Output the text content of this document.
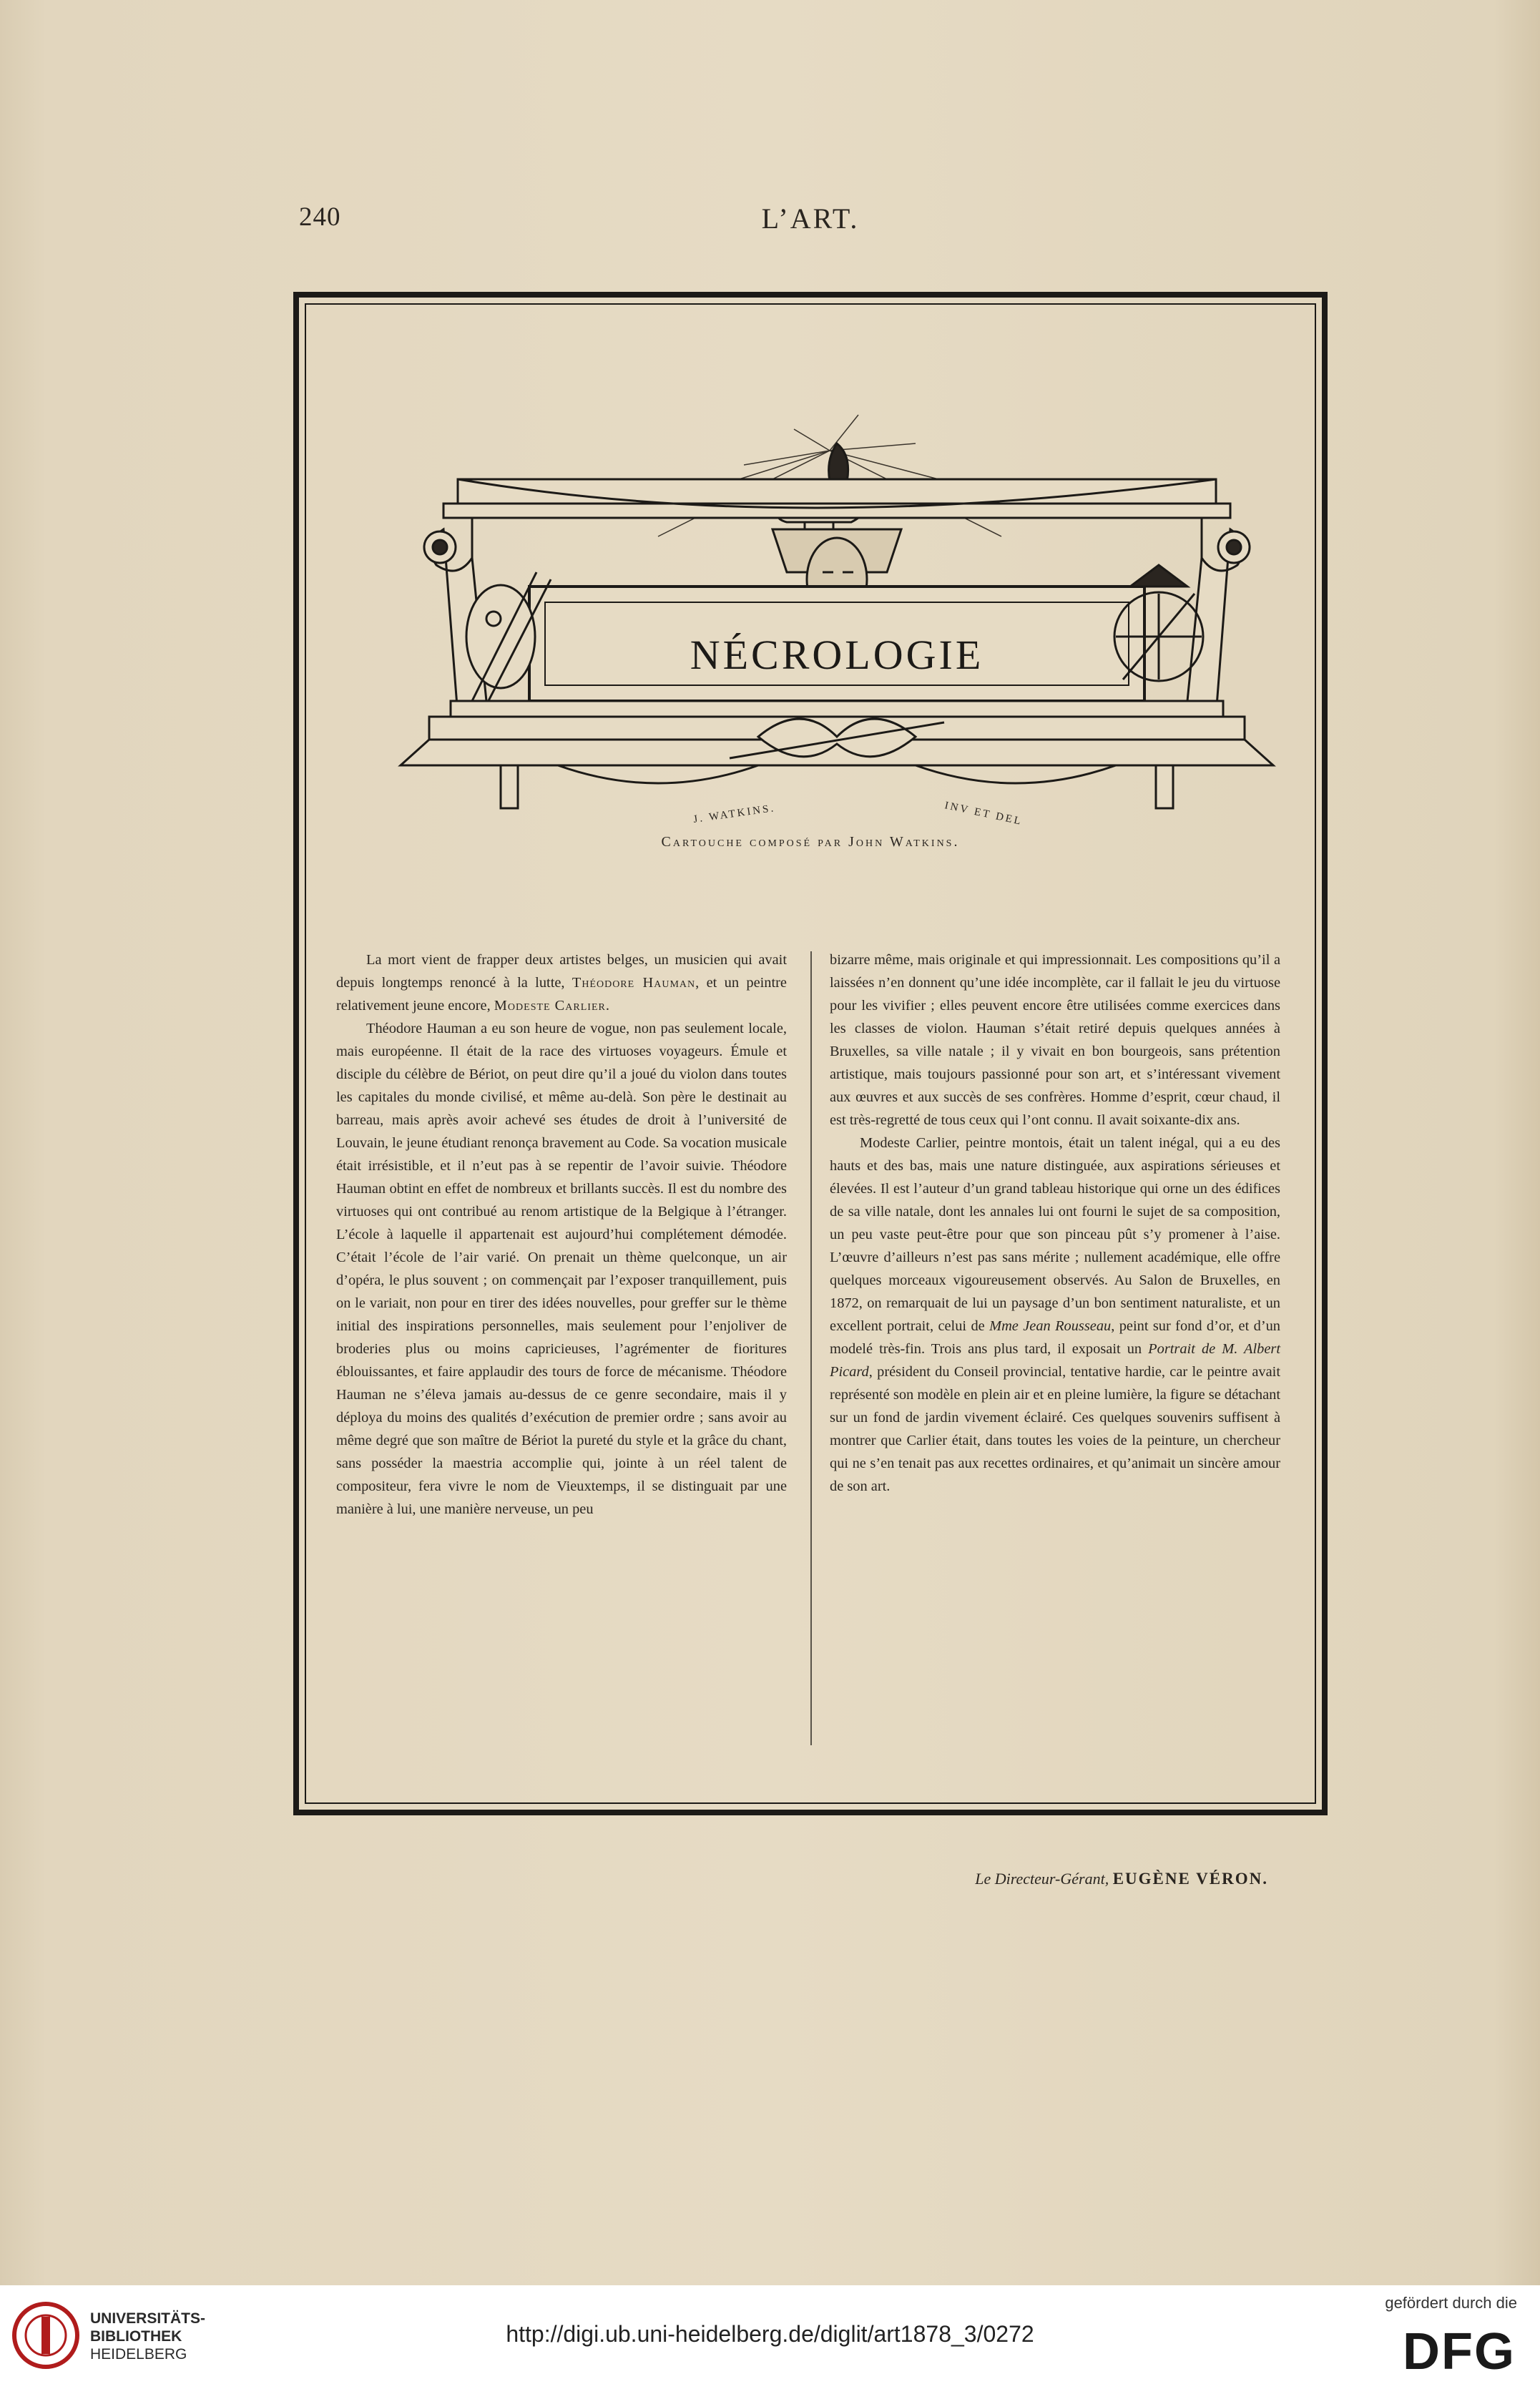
240	L’ART.
NÉCROLOGIE
J. WATKINS.	INV ET DEL
Cartouche composé par John Watkins.

La mort vient de frapper deux artistes belges, un musicien qui avait depuis longtemps renoncé à la lutte, Théodore Hauman, et un peintre relativement jeune encore, Modeste Carlier.

Théodore Hauman a eu son heure de vogue, non pas seulement locale, mais européenne. Il était de la race des virtuoses voyageurs. Émule et disciple du célèbre de Bériot, on peut dire qu’il a joué du violon dans toutes les capitales du monde civilisé, et même au-delà. Son père le destinait au barreau, mais après avoir achevé ses études de droit à l’université de Louvain, le jeune étudiant renonça bravement au Code. Sa vocation musicale était irrésistible, et il n’eut pas à se repentir de l’avoir suivie. Théodore Hauman obtint en effet de nombreux et brillants succès. Il est du nombre des virtuoses qui ont contribué au renom artistique de la Belgique à l’étranger. L’école à laquelle il appartenait est aujourd’hui complétement démodée. C’était l’école de l’air varié. On prenait un thème quelconque, un air d’opéra, le plus souvent ; on commençait par l’exposer tranquillement, puis on le variait, non pour en tirer des idées nouvelles, pour greffer sur le thème initial des inspirations personnelles, mais seulement pour l’enjoliver de broderies plus ou moins capricieuses, l’agrémenter de fioritures éblouissantes, et faire applaudir des tours de force de mécanisme. Théodore Hauman ne s’éleva jamais au-dessus de ce genre secondaire, mais il y déploya du moins des qualités d’exécution de premier ordre ; sans avoir au même degré que son maître de Bériot la pureté du style et la grâce du chant, sans posséder la maestria accomplie qui, jointe à un réel talent de compositeur, fera vivre le nom de Vieuxtemps, il se distinguait par une manière à lui, une manière nerveuse, un peu

bizarre même, mais originale et qui impressionnait. Les compositions qu’il a laissées n’en donnent qu’une idée incomplète, car il fallait le jeu du virtuose pour les vivifier ; elles peuvent encore être utilisées comme exercices dans les classes de violon. Hauman s’était retiré depuis quelques années à Bruxelles, sa ville natale ; il y vivait en bon bourgeois, sans prétention artistique, mais toujours passionné pour son art, et s’intéressant vivement aux œuvres et aux succès de ses confrères. Homme d’esprit, cœur chaud, il est très-regretté de tous ceux qui l’ont connu. Il avait soixante-dix ans.

Modeste Carlier, peintre montois, était un talent inégal, qui a eu des hauts et des bas, mais une nature distinguée, aux aspirations sérieuses et élevées. Il est l’auteur d’un grand tableau historique qui orne un des édifices de sa ville natale, dont les annales lui ont fourni le sujet de sa composition, un peu vaste peut-être pour que son pinceau pût s’y promener à l’aise. L’œuvre d’ailleurs n’est pas sans mérite ; nullement académique, elle offre quelques morceaux vigoureusement observés. Au Salon de Bruxelles, en 1872, on remarquait de lui un paysage d’un bon sentiment naturaliste, et un excellent portrait, celui de Mme Jean Rousseau, peint sur fond d’or, et d’un modelé très-fin. Trois ans plus tard, il exposait un Portrait de M. Albert Picard, président du Conseil provincial, tentative hardie, car le peintre avait représenté son modèle en plein air et en pleine lumière, la figure se détachant sur un fond de jardin vivement éclairé. Ces quelques souvenirs suffisent à montrer que Carlier était, dans toutes les voies de la peinture, un chercheur qui ne s’en tenait pas aux recettes ordinaires, et qu’animait un sincère amour de son art.

Le Directeur-Gérant, EUGÈNE VÉRON.
UNIVERSITÄTS-
BIBLIOTHEK
HEIDELBERG
http://digi.ub.uni-heidelberg.de/diglit/art1878_3/0272
gefördert durch die
DFG
